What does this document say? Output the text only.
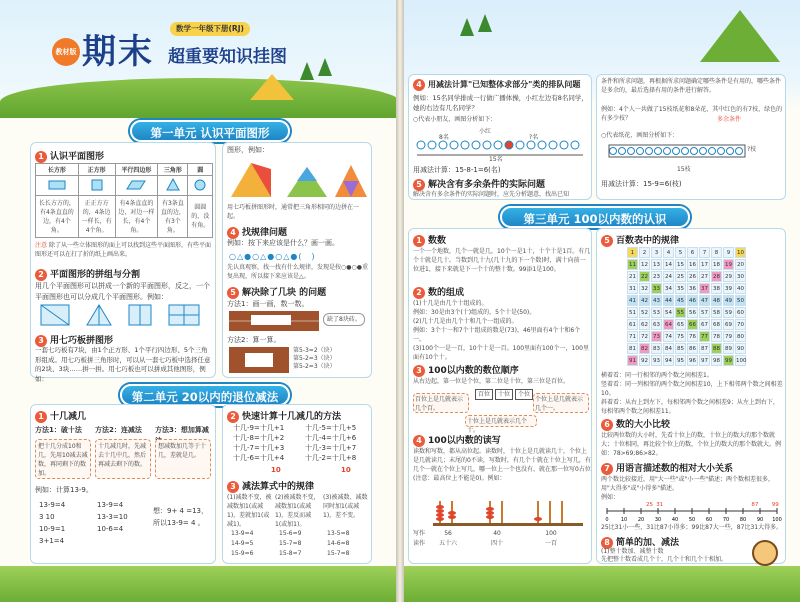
教材版 期末
数学一年级下册(RJ)
超重要知识挂图
第一单元 认识平面图形
1 认识平面图形
长方形	正方形	平行四边形	三角形	圆

长长方方的，有4条直直的边，有4个角。	正正方方的，4条边一样长，有4个角。	有4条直直的边，对边一样长，有4个角。	有3条直直的边，有3个角。	圆圆的，没有角。
注意 除了从一些立体图形的面上可以找到这些平面图形，有些平面图形还可以在打了折的纸上画出来。
2 平面图形的拼组与分割
用几个平面图形可以拼成一个新的平面图形，反之，一个平面图形也可以分成几个平面图形。例如：
3 用七巧板拼图形
一套七巧板有7块，由1个正方形、1个平行四边形、5个三角形组成。用七巧板拼三角形时，可以从一套七巧板中选择任意的2块、3块……拼一拼。用七巧板也可以拼成其他图形，例如：
图形，例如：
用七巧板拼图形时，通常把三角形相同的边拼在一起。
4 找规律问题
例如：按下来应该是什么？画一画。
○△●○△●○△●(　)
先认真观察，找一找有什么规律，发现是按○●○●重复出现，所以接下来应该是△。
5 解决除了几块 的问题
方法1：画一画，数一数。
缺了8块砖。
方法2：算一算。
第5-3=2（块）
第5-2=3（块）
第5-2=3（块）
第二单元 20以内的退位减法
1 十几减几
方法1：破十法 方法2：连减法 方法3：想加算减
把十几分成10和几，先用10减去减数，再同剩下的数加。
十几减几时，先减去十几中几，然后再减去剩下的数。
想减数加几等于十几，差就是几。
例如：计算13-9。
13-9=4
3 10
10-9=1
3+1=4
13-9=4
13-3=10
10-6=4
想：9+ 4 =13，
所以13-9= 4 。
2 快速计算十几减几的方法
十几-9=十几+1
十几-8=十几+2
十几-7=十几+3
十几-6=十几+4
十几-5=十几+5
十几-4=十几+6
十几-3=十几+7
十几-2=十几+8
10	10
3 减法算式中的规律
(1)减数不变，被减数加1(或减1)，差就加1(或减1)。
(2)被减数不变，减数加1(或减1)，差反而减1(或加1)。
(3)被减数、减数同时加1(或减1)，差不变。
13-9=4
14-9=5
15-9=6
15-6=9
15-7=8
15-8=7
13-5=8
14-6=8
15-7=8
4 用减法计算"已知整体求部分"类的排队问题
例如：15名同学排成一行做广播体操，小红左边有8名同学，她的右边有几名同学？
○代表小朋友，画图分析如下：
小红
8名	?名
15名
用减法计算：15-8-1=6(名)
5 解决含有多余条件的实际问题
解决含有多余条件的实际问题时，应先分析题意，找出已知
条件和所求问题，再根据所求问题确定哪些条件是有用的，哪些条件是多余的，最后选择有用的条件进行解答。
例如：4个人一共做了15枝纸花和8朵花，其中红色的有7枝，绿色的有多少枝？	多余条件
○代表纸花，画图分析如下：
?枝
15枝
用减法计算：15-9=6(枝)
第三单元 100以内数的认识
1 数数
一个一个地数，几个一就是几，10个一是1十，十个十是1百。有几个十就是几十。当数到几十九(几十九的下一个数)时，满十向前一位进1，接下来就是下一个十的整十数。99添1是100。
2 数的组成
(1)十几是由几个十组成的。
例如：30是由3个(十)组成的，5个十是(50)。
(2)几十几是由几个十和几个一组成的。
例如：3个十一和7个十组成的数是(73)，46里面有4个十和6个一。
(3)100个一是一百，10个十是一百。100里面有100个一，100里面有10个十。
3 100以内数的数位顺序
从右边起，第一位是个位，第二位是十位，第三位是百位。
百位	十位	个位
百位上是几就表示几个百。
个位上是几就表示几个一。
十位上是几就表示几个十。
4 100以内数的读写
读数和写数，都从高位起。读数时，十位上是几就读几十，个位上是几就读几；末尾的0不读，写数时，有几个十就在十位上写几，有几个一就在个位上写几，哪一位上一个也没有，就在那一位写0占位(注意：最高位上不能是0)。例如：
写作
读作
56
五十六
40
四十
100
一百
5 百数表中的规律
1	2	3	4	5	6	7	8	9	10
11 12 13 14 15 16 17 18 19 20
21 22 23 24 25 26 27 28 29 30
31 32 33 34 35 36 37 38 39 40
41 42 43 44 45 46 47 48 49 50
51 52 53 54 55 56 57 58 59 60
61 62 63 64 65 66 67 68 69 70
71 72 73 74 75 76 77 78 79 80
81 82 83 84 85 86 87 88 89 90
91 92 93 94 95 96 97 98 99 100
横着看：同一行相邻的两个数之间相差1。
竖着看：同一列相邻的两个数之间相差10，上下相邻两个数之间相差10。
斜着看：从右上到左下，每相邻两个数之间相差9；从左上到右下，每相邻两个数之间相差11。
6 数的大小比较
比较两位数的大小时，先看十位上的数，十位上的数大的那个数就大；十位相同，再比较个位上的数，个位上的数大的那个数就大。例如：78>69;86>82。
7 用语言描述数的相对大小关系
两个数比较接近，用"大一些"或"小一些"描述；两个数相差很多，用"大得多"或"小得多"描述。
例如：
0 10 20 30 40 50 60 70 80 90 100
25 31	87 99
25比31小一些，31比87小得多；99比87大一些，87比31大得多。
8 简单的加、减法
(1)整十数加、减整十数
先把整十数看成几个十，几个十和几个十相加。
